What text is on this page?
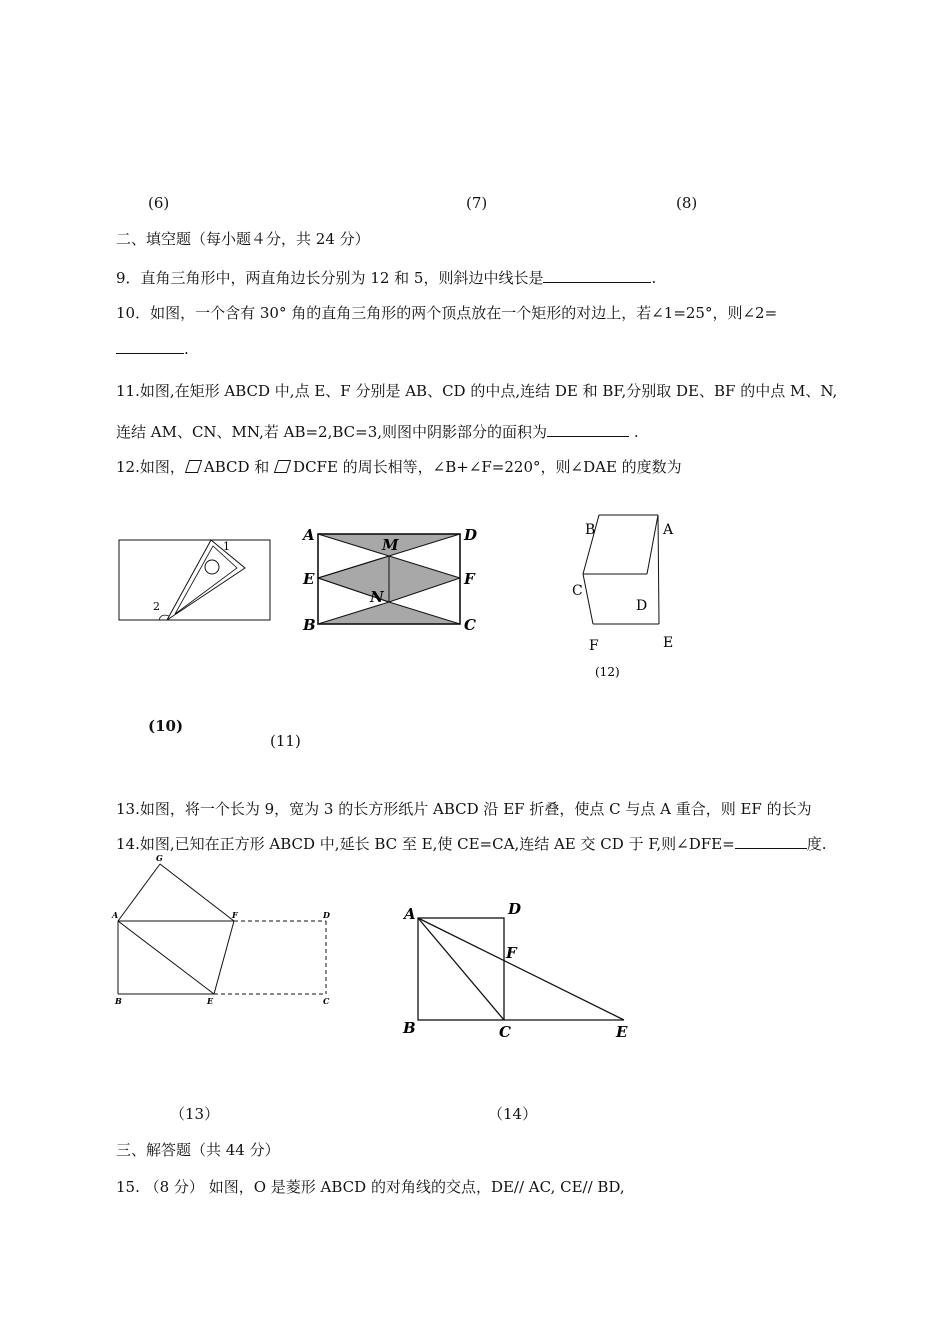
(6)	(7)	(8)
二、填空题（每小题４分，共 24 分）
9．直角三角形中，两直角边长分别为 12 和 5，则斜边中线长是	.
10．如图，一个含有 30° 角的直角三角形的两个顶点放在一个矩形的对边上，若∠1=25°，则∠2=
.
11.如图,在矩形 ABCD 中,点 E、F 分别是 AB、CD 的中点,连结 DE 和 BF,分别取 DE、BF 的中点 M、N,
连结 AM、CN、MN,若 AB=2,BC=3,则图中阴影部分的面积为	.
12.如图， ABCD 和 DCFE 的周长相等，∠B+∠F=220°，则∠DAE 的度数为
1
2
A	D
M
E	F
N
B	C
B	A
C
D
F	E
(12)
(10)
(11)
13.如图，将一个长为 9，宽为 3 的长方形纸片 ABCD 沿 EF 折叠，使点 C 与点 A 重合，则 EF 的长为
14.如图,已知在正方形 ABCD 中,延长 BC 至 E,使 CE=CA,连结 AE 交 CD 于 F,则∠DFE=	度.
G
A	F	D
B	E	C
A	D
F
B	C	E
（13）	（14）
三、解答题（共 44 分）
15. （8 分） 如图，O 是菱形 ABCD 的对角线的交点，DE// AC, CE// BD,
